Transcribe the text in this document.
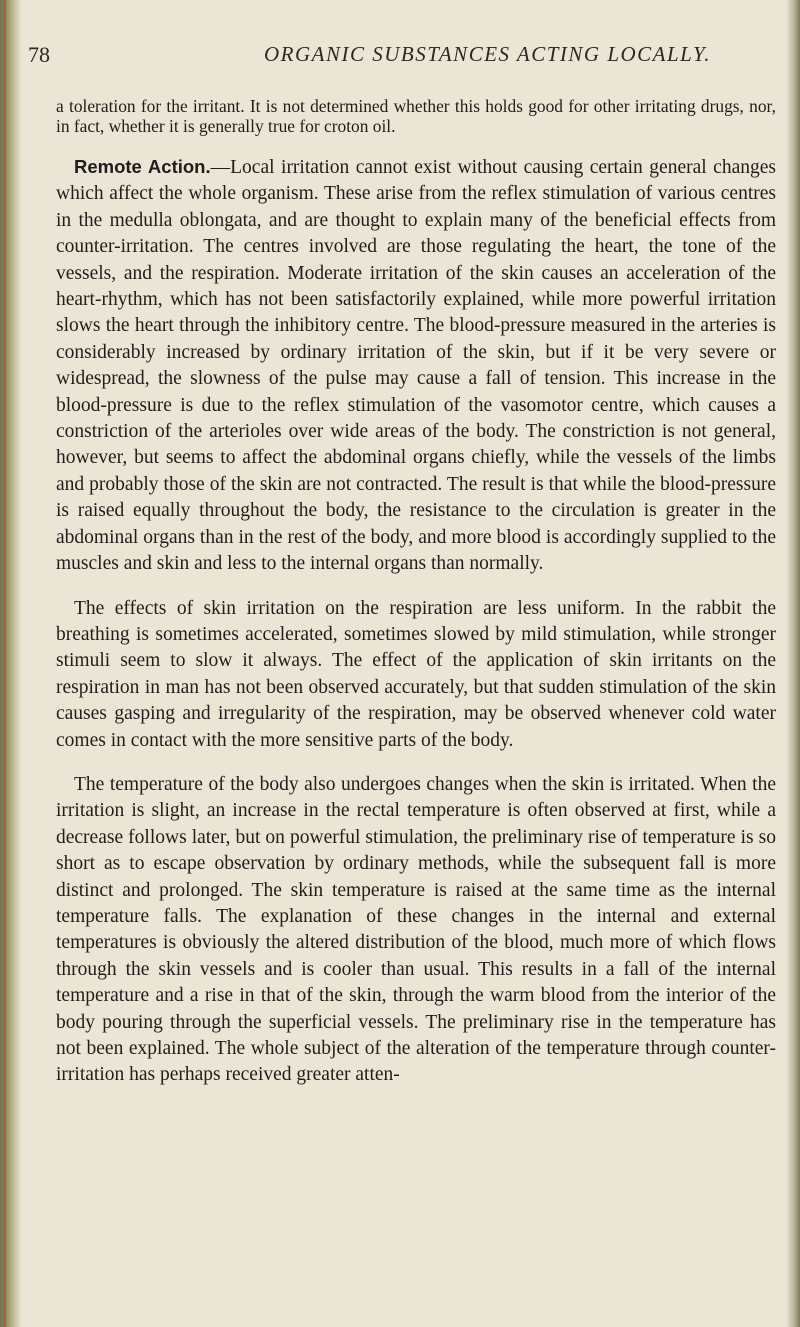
78	ORGANIC SUBSTANCES ACTING LOCALLY.

a toleration for the irritant. It is not determined whether this holds good for other irritating drugs, nor, in fact, whether it is generally true for croton oil.

Remote Action.—Local irritation cannot exist without causing certain general changes which affect the whole organism. These arise from the reflex stimulation of various centres in the medulla oblongata, and are thought to explain many of the beneficial effects from counter-irritation. The centres involved are those regulating the heart, the tone of the vessels, and the respiration. Moderate irritation of the skin causes an acceleration of the heart-rhythm, which has not been satisfactorily explained, while more powerful irritation slows the heart through the inhibitory centre. The blood-pressure measured in the arteries is considerably increased by ordinary irritation of the skin, but if it be very severe or widespread, the slowness of the pulse may cause a fall of tension. This increase in the blood-pressure is due to the reflex stimulation of the vasomotor centre, which causes a constriction of the arterioles over wide areas of the body. The constriction is not general, however, but seems to affect the abdominal organs chiefly, while the vessels of the limbs and probably those of the skin are not contracted. The result is that while the blood-pressure is raised equally throughout the body, the resistance to the circulation is greater in the abdominal organs than in the rest of the body, and more blood is accordingly supplied to the muscles and skin and less to the internal organs than normally.

The effects of skin irritation on the respiration are less uniform. In the rabbit the breathing is sometimes accelerated, sometimes slowed by mild stimulation, while stronger stimuli seem to slow it always. The effect of the application of skin irritants on the respiration in man has not been observed accurately, but that sudden stimulation of the skin causes gasping and irregularity of the respiration, may be observed whenever cold water comes in contact with the more sensitive parts of the body.

The temperature of the body also undergoes changes when the skin is irritated. When the irritation is slight, an increase in the rectal temperature is often observed at first, while a decrease follows later, but on powerful stimulation, the preliminary rise of temperature is so short as to escape observation by ordinary methods, while the subsequent fall is more distinct and prolonged. The skin temperature is raised at the same time as the internal temperature falls. The explanation of these changes in the internal and external temperatures is obviously the altered distribution of the blood, much more of which flows through the skin vessels and is cooler than usual. This results in a fall of the internal temperature and a rise in that of the skin, through the warm blood from the interior of the body pouring through the superficial vessels. The preliminary rise in the temperature has not been explained. The whole subject of the alteration of the temperature through counter-irritation has perhaps received greater atten-
